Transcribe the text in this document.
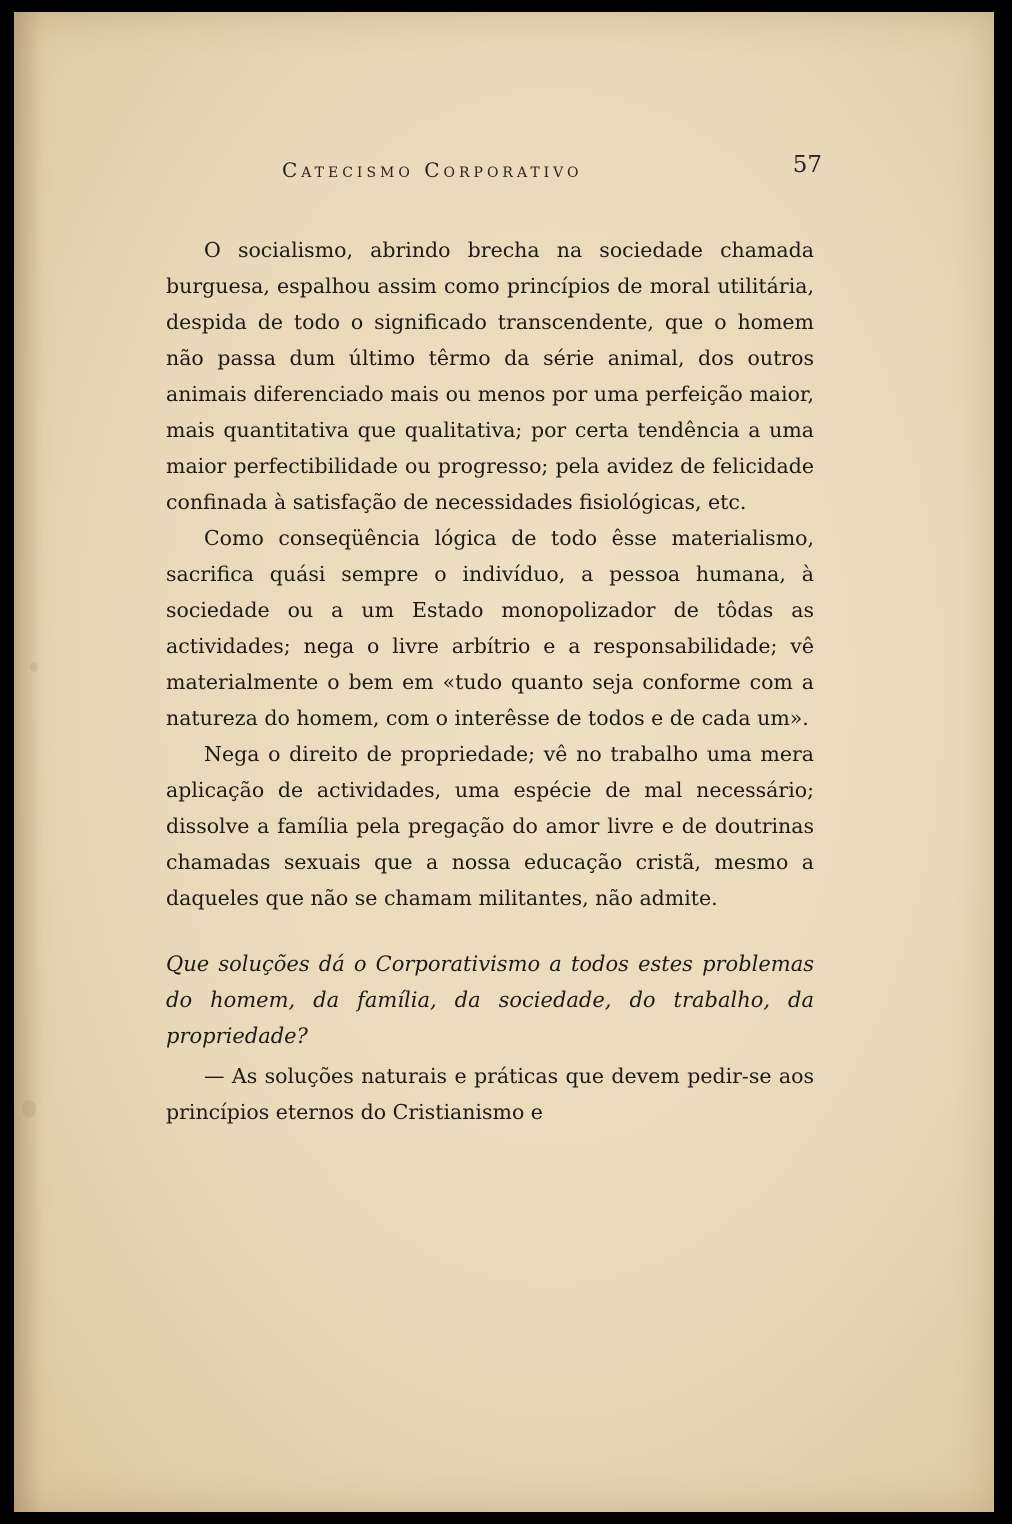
Catecismo Corporativo	57

O socialismo, abrindo brecha na sociedade chamada burguesa, espalhou assim como princípios de moral utilitária, despida de todo o significado transcendente, que o homem não passa dum último têrmo da série animal, dos outros animais diferenciado mais ou menos por uma perfeição maior, mais quantitativa que qualitativa; por certa tendência a uma maior perfectibilidade ou progresso; pela avidez de felicidade confinada à satisfação de necessidades fisiológicas, etc.

Como conseqüência lógica de todo êsse materialismo, sacrifica quási sempre o indivíduo, a pessoa humana, à sociedade ou a um Estado monopolizador de tôdas as actividades; nega o livre arbítrio e a responsabilidade; vê materialmente o bem em «tudo quanto seja conforme com a natureza do homem, com o interêsse de todos e de cada um».

Nega o direito de propriedade; vê no trabalho uma mera aplicação de actividades, uma espécie de mal necessário; dissolve a família pela pregação do amor livre e de doutrinas chamadas sexuais que a nossa educação cristã, mesmo a daqueles que não se chamam militantes, não admite.

Que soluções dá o Corporativismo a todos estes problemas do homem, da família, da sociedade, do trabalho, da propriedade?

— As soluções naturais e práticas que devem pedir-se aos princípios eternos do Cristianismo e
